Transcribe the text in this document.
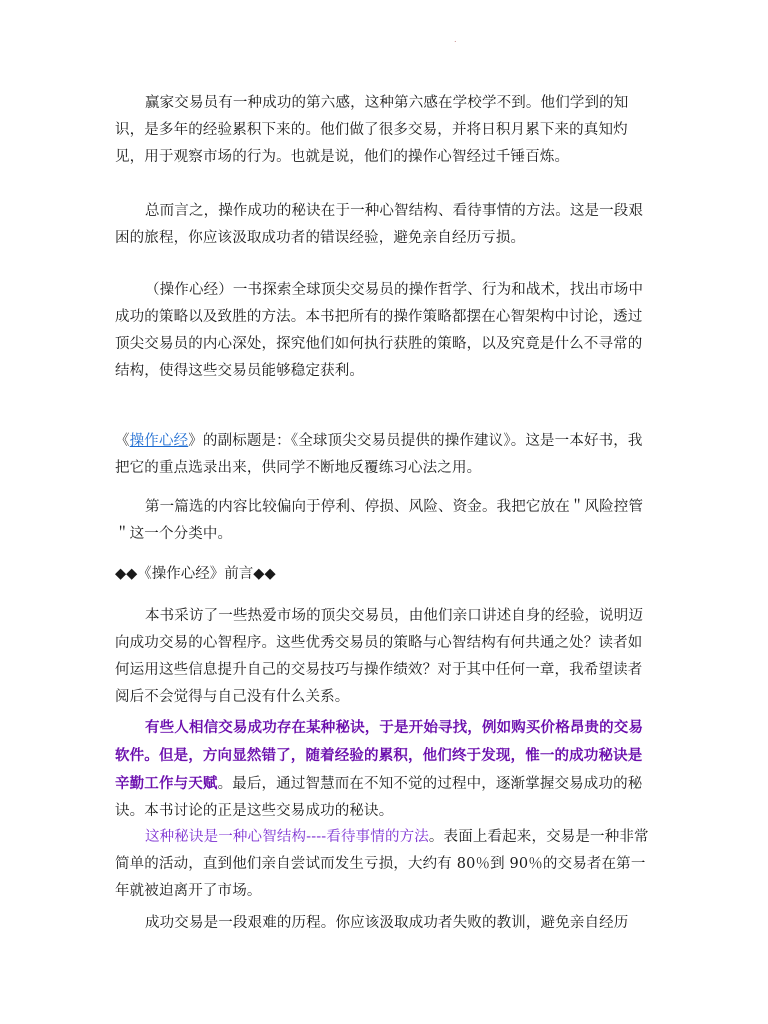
.

赢家交易员有一种成功的第六感，这种第六感在学校学不到。他们学到的知识，是多年的经验累积下来的。他们做了很多交易，并将日积月累下来的真知灼见，用于观察市场的行为。也就是说，他们的操作心智经过千锤百炼。

总而言之，操作成功的秘诀在于一种心智结构、看待事情的方法。这是一段艰困的旅程，你应该汲取成功者的错误经验，避免亲自经历亏损。

（操作心经）一书探索全球顶尖交易员的操作哲学、行为和战术，找出市场中成功的策略以及致胜的方法。本书把所有的操作策略都摆在心智架构中讨论，透过顶尖交易员的内心深处，探究他们如何执行获胜的策略，以及究竟是什么不寻常的结构，使得这些交易员能够稳定获利。

《操作心经》的副标题是：《全球顶尖交易员提供的操作建议》。这是一本好书，我把它的重点选录出来，供同学不断地反覆练习心法之用。

第一篇选的内容比较偏向于停利、停损、风险、资金。我把它放在＂风险控管＂这一个分类中。

◆◆《操作心经》前言◆◆

本书采访了一些热爱市场的顶尖交易员，由他们亲口讲述自身的经验，说明迈向成功交易的心智程序。这些优秀交易员的策略与心智结构有何共通之处？读者如何运用这些信息提升自己的交易技巧与操作绩效？对于其中任何一章，我希望读者阅后不会觉得与自己没有什么关系。

有些人相信交易成功存在某种秘诀，于是开始寻找，例如购买价格昂贵的交易软件。但是，方向显然错了，随着经验的累积，他们终于发现，惟一的成功秘诀是辛勤工作与天赋。最后，通过智慧而在不知不觉的过程中，逐渐掌握交易成功的秘诀。本书讨论的正是这些交易成功的秘诀。

这种秘诀是一种心智结构----看待事情的方法。表面上看起来，交易是一种非常简单的活动，直到他们亲自尝试而发生亏损，大约有 80％到 90％的交易者在第一年就被迫离开了市场。

成功交易是一段艰难的历程。你应该汲取成功者失败的教训，避免亲自经历
